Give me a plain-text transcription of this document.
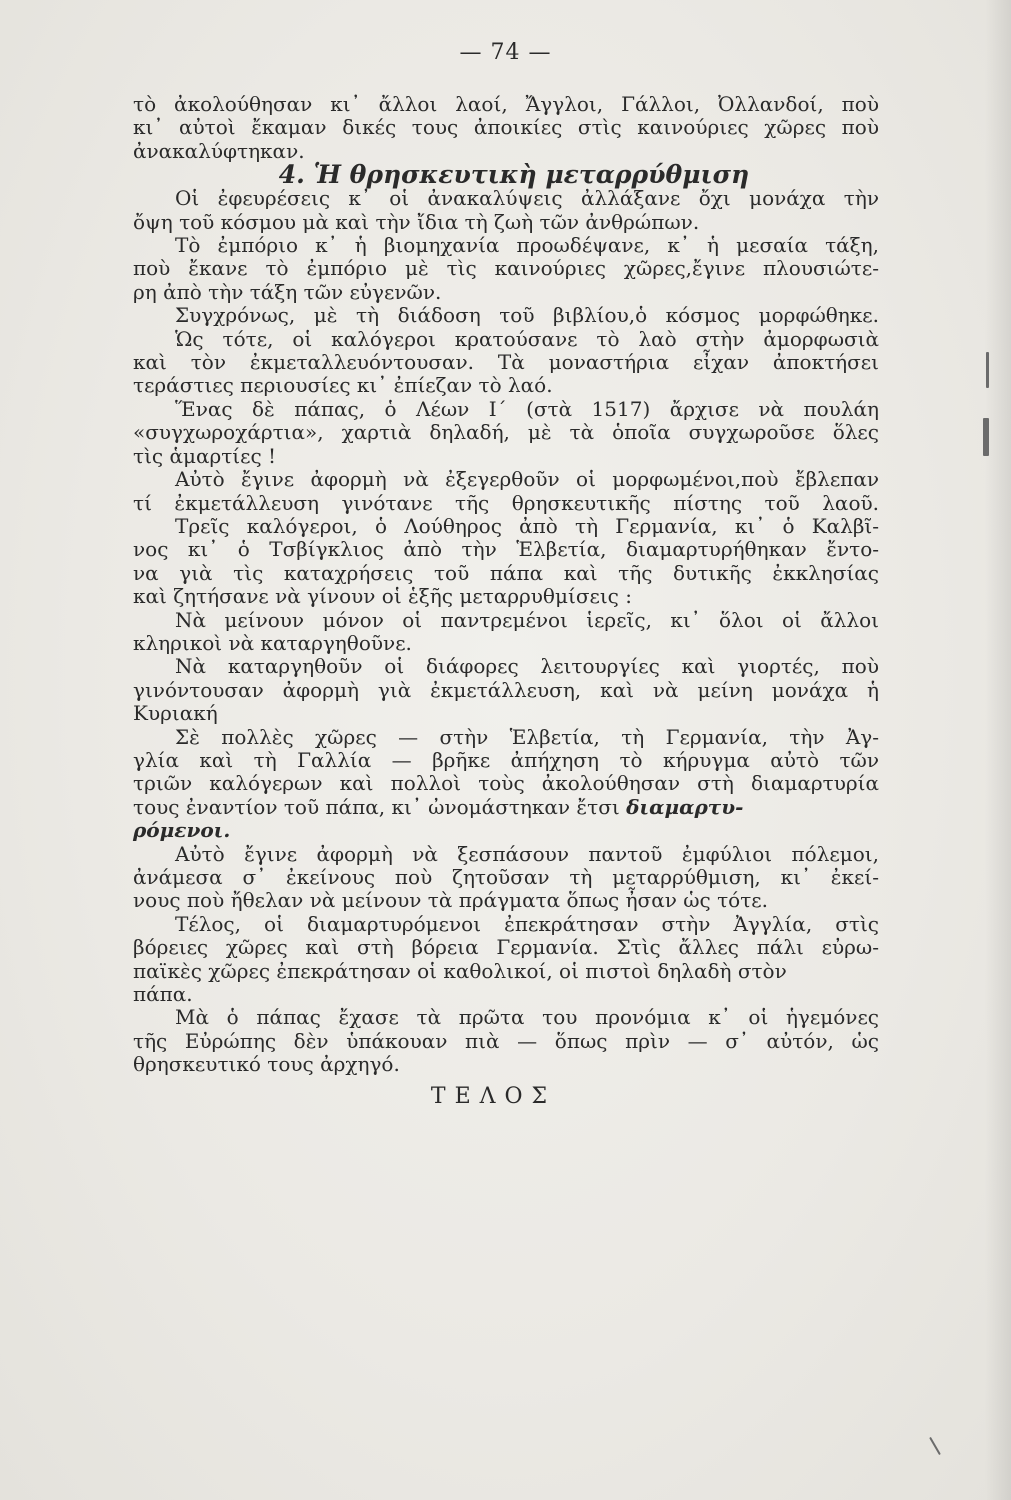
— 74 —
τὸ ἀκολούθησαν κι᾽ ἄλλοι λαοί, Ἄγγλοι, Γάλλοι, Ὀλλανδοί, ποὺ
κι᾽ αὐτοὶ ἔκαμαν δικές τους ἀποικίες στὶς καινούριες χῶρες ποὺ
ἀνακαλύφτηκαν.
4. Ἡ θρησκευτικὴ μεταρρύθμιση
Οἱ ἐφευρέσεις κ᾽ οἱ ἀνακαλύψεις ἀλλάξανε ὄχι μονάχα τὴν
ὄψη τοῦ κόσμου μὰ καὶ τὴν ἴδια τὴ ζωὴ τῶν ἀνθρώπων.
Τὸ ἐμπόριο κ᾽ ἡ βιομηχανία προωδέψανε, κ᾽ ἡ μεσαία τάξη,
ποὺ ἔκανε τὸ ἐμπόριο μὲ τὶς καινούριες χῶρες,ἔγινε πλουσιώτε-
ρη ἀπὸ τὴν τάξη τῶν εὐγενῶν.
Συγχρόνως, μὲ τὴ διάδοση τοῦ βιβλίου,ὁ κόσμος μορφώθηκε.
Ὡς τότε, οἱ καλόγεροι κρατούσανε τὸ λαὸ στὴν ἀμορφωσιὰ
καὶ τὸν ἐκμεταλλευόντουσαν. Τὰ μοναστήρια εἶχαν ἀποκτήσει
τεράστιες περιουσίες κι᾽ ἐπίεζαν τὸ λαό.
Ἕνας δὲ πάπας, ὁ Λέων Ι΄ (στὰ 1517) ἄρχισε νὰ πουλάη
«συγχωροχάρτια», χαρτιὰ δηλαδή, μὲ τὰ ὁποῖα συγχωροῦσε ὅλες
τὶς ἁμαρτίες !
Αὐτὸ ἔγινε ἀφορμὴ νὰ ἐξεγερθοῦν οἱ μορφωμένοι,ποὺ ἔβλεπαν
τί ἐκμετάλλευση γινότανε τῆς θρησκευτικῆς πίστης τοῦ λαοῦ.
Τρεῖς καλόγεροι, ὁ Λούθηρος ἀπὸ τὴ Γερμανία, κι᾽ ὁ Καλβῖ-
νος κι᾽ ὁ Τσβίγκλιος ἀπὸ τὴν Ἑλβετία, διαμαρτυρήθηκαν ἔντο-
να γιὰ τὶς καταχρήσεις τοῦ πάπα καὶ τῆς δυτικῆς ἐκκλησίας
καὶ ζητήσανε νὰ γίνουν οἱ ἑξῆς μεταρρυθμίσεις :
Νὰ μείνουν μόνον οἱ παντρεμένοι ἱερεῖς, κι᾽ ὅλοι οἱ ἄλλοι
κληρικοὶ νὰ καταργηθοῦνε.
Νὰ καταργηθοῦν οἱ διάφορες λειτουργίες καὶ γιορτές, ποὺ
γινόντουσαν ἀφορμὴ γιὰ ἐκμετάλλευση, καὶ νὰ μείνη μονάχα ἡ
Κυριακή
Σὲ πολλὲς χῶρες — στὴν Ἑλβετία, τὴ Γερμανία, τὴν Ἀγ-
γλία καὶ τὴ Γαλλία — βρῆκε ἀπήχηση τὸ κήρυγμα αὐτὸ τῶν
τριῶν καλόγερων καὶ πολλοὶ τοὺς ἀκολούθησαν στὴ διαμαρτυρία
τους ἐναντίον τοῦ πάπα, κι᾽ ὠνομάστηκαν ἔτσι διαμαρτυ-
ρόμενοι.
Αὐτὸ ἔγινε ἀφορμὴ νὰ ξεσπάσουν παντοῦ ἐμφύλιοι πόλεμοι,
ἀνάμεσα σ᾽ ἐκείνους ποὺ ζητοῦσαν τὴ μεταρρύθμιση, κι᾽ ἐκεί-
νους ποὺ ἤθελαν νὰ μείνουν τὰ πράγματα ὅπως ἦσαν ὡς τότε.
Τέλος, οἱ διαμαρτυρόμενοι ἐπεκράτησαν στὴν Ἀγγλία, στὶς
βόρειες χῶρες καὶ στὴ βόρεια Γερμανία. Στὶς ἄλλες πάλι εὐρω-
παϊκὲς χῶρες ἐπεκράτησαν οἱ καθολικοί, οἱ πιστοὶ δηλαδὴ στὸν
πάπα.
Μὰ ὁ πάπας ἔχασε τὰ πρῶτα του προνόμια κ᾽ οἱ ἡγεμόνες
τῆς Εὐρώπης δὲν ὑπάκουαν πιὰ — ὅπως πρὶν — σ᾽ αὐτόν, ὡς
θρησκευτικό τους ἀρχηγό.
ΤΕΛΟΣ
